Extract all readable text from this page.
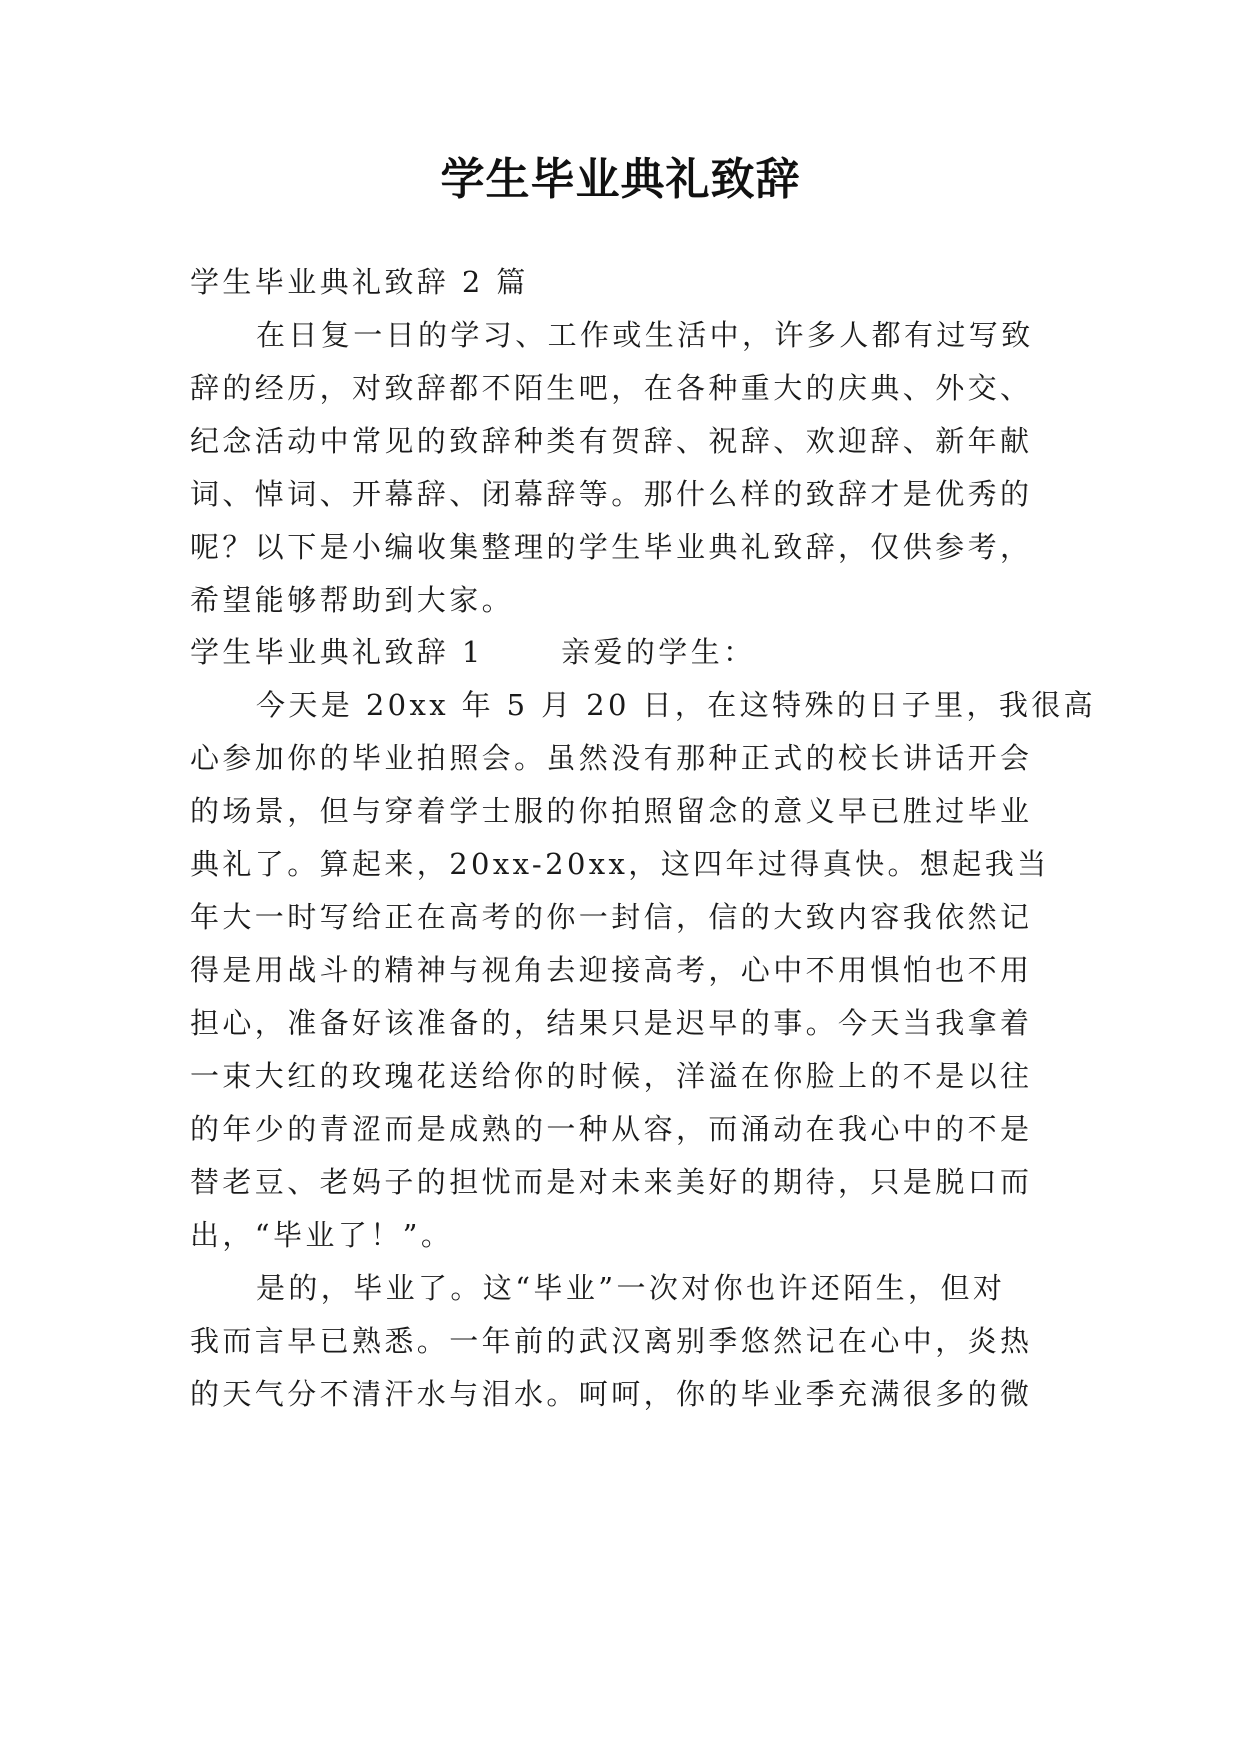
学生毕业典礼致辞
学生毕业典礼致辞 2 篇
在日复一日的学习、工作或生活中，许多人都有过写致
辞的经历，对致辞都不陌生吧，在各种重大的庆典、外交、
纪念活动中常见的致辞种类有贺辞、祝辞、欢迎辞、新年献
词、悼词、开幕辞、闭幕辞等。那什么样的致辞才是优秀的
呢？以下是小编收集整理的学生毕业典礼致辞，仅供参考，
希望能够帮助到大家。
学生毕业典礼致辞 1　　 亲爱的学生：
今天是 20xx 年 5 月 20 日，在这特殊的日子里，我很高
心参加你的毕业拍照会。虽然没有那种正式的校长讲话开会
的场景，但与穿着学士服的你拍照留念的意义早已胜过毕业
典礼了。算起来，20xx-20xx，这四年过得真快。想起我当
年大一时写给正在高考的你一封信，信的大致内容我依然记
得是用战斗的精神与视角去迎接高考，心中不用惧怕也不用
担心，准备好该准备的，结果只是迟早的事。今天当我拿着
一束大红的玫瑰花送给你的时候，洋溢在你脸上的不是以往
的年少的青涩而是成熟的一种从容，而涌动在我心中的不是
替老豆、老妈子的担忧而是对未来美好的期待，只是脱口而
出，“毕业了！”。
是的，毕业了。这“毕业”一次对你也许还陌生，但对
我而言早已熟悉。一年前的武汉离别季悠然记在心中，炎热
的天气分不清汗水与泪水。呵呵，你的毕业季充满很多的微
